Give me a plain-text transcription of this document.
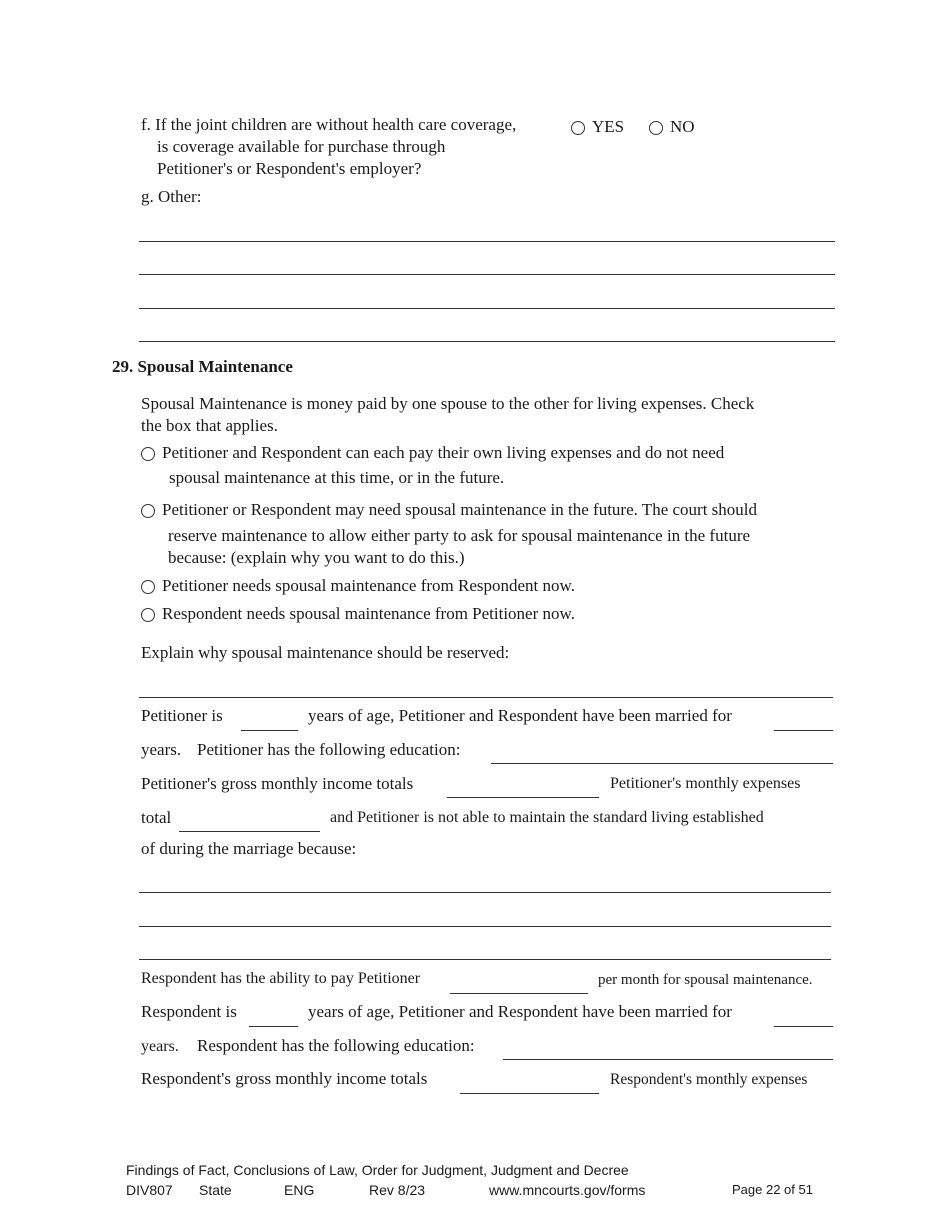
f. If the joint children are without health care coverage,
is coverage available for purchase through
Petitioner's or Respondent's employer?
YES	NO
g. Other:
29. Spousal Maintenance
Spousal Maintenance is money paid by one spouse to the other for living expenses. Check
the box that applies.
Petitioner and Respondent can each pay their own living expenses and do not need
spousal maintenance at this time, or in the future.
Petitioner or Respondent may need spousal maintenance in the future. The court should
reserve maintenance to allow either party to ask for spousal maintenance in the future
because: (explain why you want to do this.)
Petitioner needs spousal maintenance from Respondent now.
Respondent needs spousal maintenance from Petitioner now.
Explain why spousal maintenance should be reserved:
Petitioner is	years of age, Petitioner and Respondent have been married for
years. Petitioner has the following education:
Petitioner's gross monthly income totals	Petitioner's monthly expenses
total	and Petitioner is not able to maintain the standard living established
of during the marriage because:
Respondent has the ability to pay Petitioner	per month for spousal maintenance.
Respondent is	years of age, Petitioner and Respondent have been married for
years. Respondent has the following education:
Respondent's gross monthly income totals	Respondent's monthly expenses
Findings of Fact, Conclusions of Law, Order for Judgment, Judgment and Decree
DIV807 State	ENG	Rev 8/23	www.mncourts.gov/forms	Page 22 of 51
